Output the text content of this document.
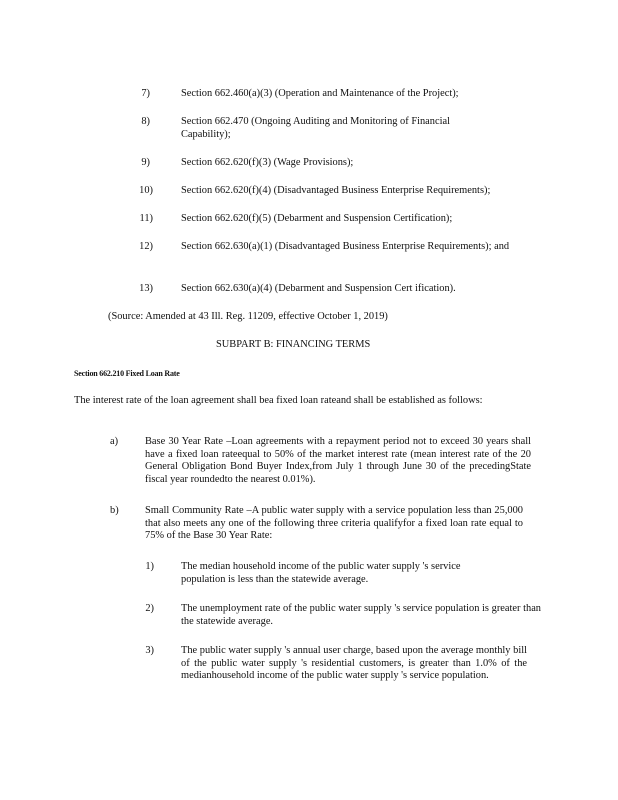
7)	Section 662.460(a)(3) (Operation and Maintenance of the Project);
8)	Section 662.470 (Ongoing Auditing and Monitoring of Financial Capability);
9)	Section 662.620(f)(3) (Wage Provisions);
10)	Section 662.620(f)(4) (Disadvantaged Business Enterprise Requirements);
11)	Section 662.620(f)(5) (Debarment and Suspension Certification);
12)	Section 662.630(a)(1) (Disadvantaged Business Enterprise Requirements); and
13)	Section 662.630(a)(4) (Debarment and Suspension Cert ification).
(Source: Amended at 43 Ill. Reg. 11209, effective October 1, 2019)
SUBPART B: FINANCING TERMS
Section 662.210 Fixed Loan Rate
The interest rate of the loan agreement shall bea fixed loan rateand shall be established as follows:
a)	Base 30 Year Rate –Loan agreements with a repayment period not to exceed 30 years shall have a fixed loan rateequal to 50% of the market interest rate (mean interest rate of the 20 General Obligation Bond Buyer Index,from July 1 through June 30 of the precedingState fiscal year roundedto the nearest 0.01%).
b)	Small Community Rate –A public water supply with a service population less than 25,000 that also meets any one of the following three criteria qualifyfor a fixed loan rate equal to 75% of the Base 30 Year Rate:
1)	The median household income of the public water supply 's service population is less than the statewide average.
2)	The unemployment rate of the public water supply 's service population is greater than the statewide average.
3)	The public water supply 's annual user charge, based upon the average monthly bill of the public water supply 's residential customers, is greater than 1.0% of the medianhousehold income of the public water supply 's service population.
